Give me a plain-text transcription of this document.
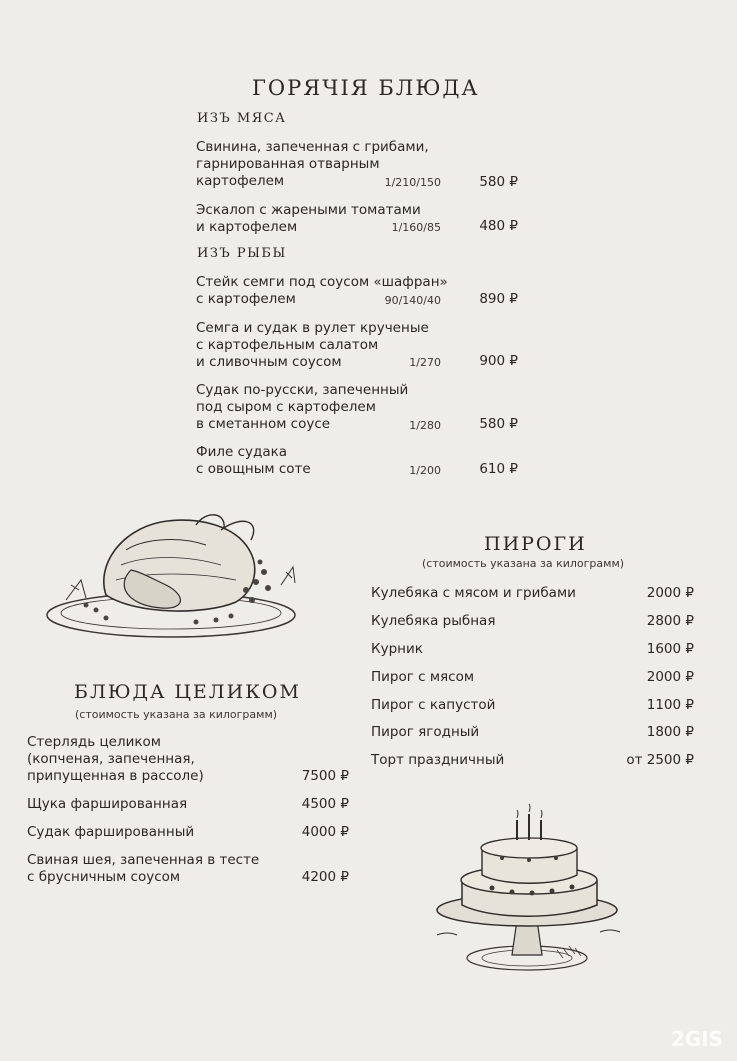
ГОРЯЧІЯ БЛЮДА
ИЗЪ МЯСА
Свинина, запеченная с грибами,
гарнированная отварным
картофелем	1/210/150	580 ₽
Эскалоп с жареными томатами
и картофелем	1/160/85	480 ₽
ИЗЪ РЫБЫ
Стейк семги под соусом «шафран»
с картофелем	90/140/40	890 ₽
Семга и судак в рулет крученые
с картофельным салатом
и сливочным соусом	1/270	900 ₽
Судак по-русски, запеченный
под сыром с картофелем
в сметанном соусе	1/280	580 ₽
Филе судака
с овощным соте	1/200	610 ₽
ПИРОГИ
(стоимость указана за килограмм)
Кулебяка с мясом и грибами	2000 ₽
Кулебяка рыбная	2800 ₽
Курник	1600 ₽
Пирог с мясом	2000 ₽
Пирог с капустой	1100 ₽
Пирог ягодный	1800 ₽
Торт праздничный	от 2500 ₽
БЛЮДА ЦЕЛИКОМ
(стоимость указана за килограмм)
Стерлядь целиком
(копченая, запеченная,
припущенная в рассоле)	7500 ₽
Щука фаршированная	4500 ₽
Судак фаршированный	4000 ₽
Свиная шея, запеченная в тесте
с брусничным соусом	4200 ₽
2GIS
